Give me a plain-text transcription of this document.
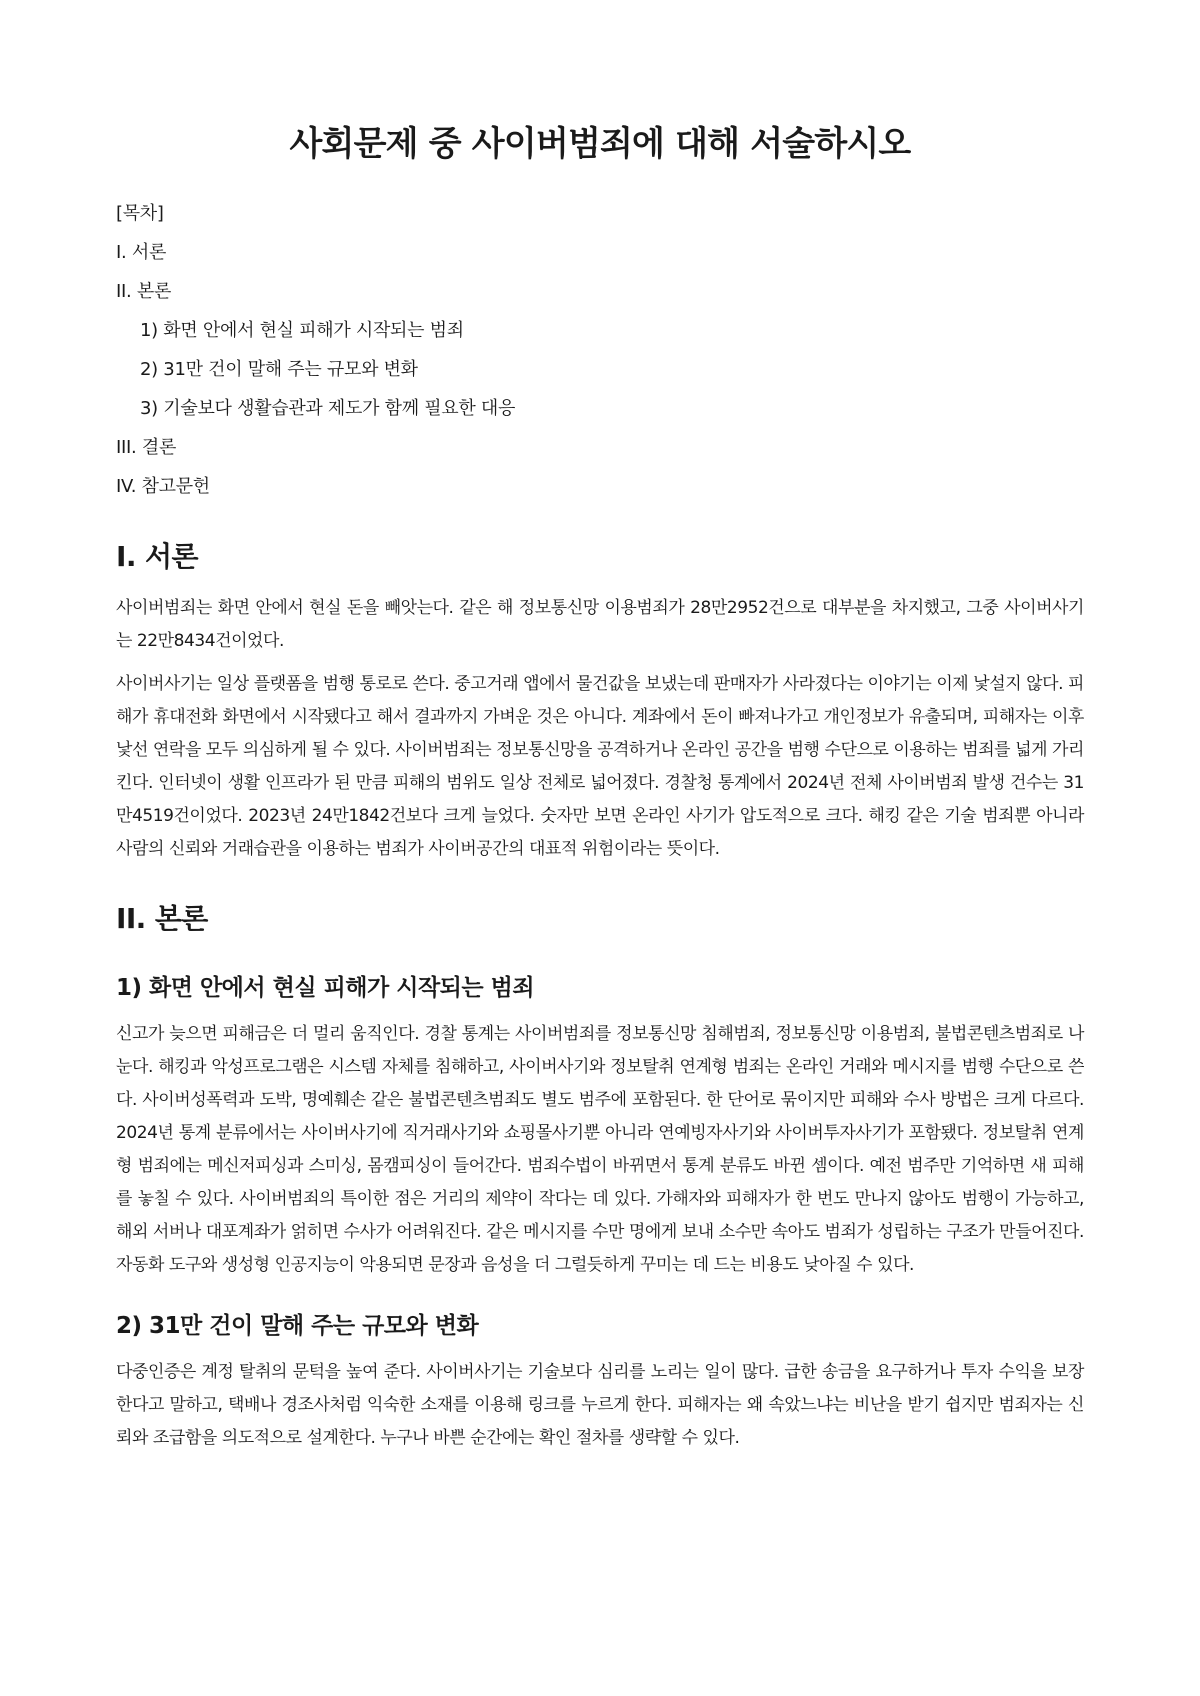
사회문제 중 사이버범죄에 대해 서술하시오
[목차]
I. 서론
II. 본론
1) 화면 안에서 현실 피해가 시작되는 범죄
2) 31만 건이 말해 주는 규모와 변화
3) 기술보다 생활습관과 제도가 함께 필요한 대응
III. 결론
IV. 참고문헌
I. 서론

사이버범죄는 화면 안에서 현실 돈을 빼앗는다. 같은 해 정보통신망 이용범죄가 28만2952건으로 대부분을 차지했고, 그중 사이버사기는 22만8434건이었다.

사이버사기는 일상 플랫폼을 범행 통로로 쓴다. 중고거래 앱에서 물건값을 보냈는데 판매자가 사라졌다는 이야기는 이제 낯설지 않다. 피해가 휴대전화 화면에서 시작됐다고 해서 결과까지 가벼운 것은 아니다. 계좌에서 돈이 빠져나가고 개인정보가 유출되며, 피해자는 이후 낯선 연락을 모두 의심하게 될 수 있다. 사이버범죄는 정보통신망을 공격하거나 온라인 공간을 범행 수단으로 이용하는 범죄를 넓게 가리킨다. 인터넷이 생활 인프라가 된 만큼 피해의 범위도 일상 전체로 넓어졌다. 경찰청 통계에서 2024년 전체 사이버범죄 발생 건수는 31만4519건이었다. 2023년 24만1842건보다 크게 늘었다. 숫자만 보면 온라인 사기가 압도적으로 크다. 해킹 같은 기술 범죄뿐 아니라 사람의 신뢰와 거래습관을 이용하는 범죄가 사이버공간의 대표적 위험이라는 뜻이다.

II. 본론
1) 화면 안에서 현실 피해가 시작되는 범죄

신고가 늦으면 피해금은 더 멀리 움직인다. 경찰 통계는 사이버범죄를 정보통신망 침해범죄, 정보통신망 이용범죄, 불법콘텐츠범죄로 나눈다. 해킹과 악성프로그램은 시스템 자체를 침해하고, 사이버사기와 정보탈취 연계형 범죄는 온라인 거래와 메시지를 범행 수단으로 쓴다. 사이버성폭력과 도박, 명예훼손 같은 불법콘텐츠범죄도 별도 범주에 포함된다. 한 단어로 묶이지만 피해와 수사 방법은 크게 다르다. 2024년 통계 분류에서는 사이버사기에 직거래사기와 쇼핑몰사기뿐 아니라 연예빙자사기와 사이버투자사기가 포함됐다. 정보탈취 연계형 범죄에는 메신저피싱과 스미싱, 몸캠피싱이 들어간다. 범죄수법이 바뀌면서 통계 분류도 바뀐 셈이다. 예전 범주만 기억하면 새 피해를 놓칠 수 있다. 사이버범죄의 특이한 점은 거리의 제약이 작다는 데 있다. 가해자와 피해자가 한 번도 만나지 않아도 범행이 가능하고, 해외 서버나 대포계좌가 얽히면 수사가 어려워진다. 같은 메시지를 수만 명에게 보내 소수만 속아도 범죄가 성립하는 구조가 만들어진다. 자동화 도구와 생성형 인공지능이 악용되면 문장과 음성을 더 그럴듯하게 꾸미는 데 드는 비용도 낮아질 수 있다.

2) 31만 건이 말해 주는 규모와 변화

다중인증은 계정 탈취의 문턱을 높여 준다. 사이버사기는 기술보다 심리를 노리는 일이 많다. 급한 송금을 요구하거나 투자 수익을 보장한다고 말하고, 택배나 경조사처럼 익숙한 소재를 이용해 링크를 누르게 한다. 피해자는 왜 속았느냐는 비난을 받기 쉽지만 범죄자는 신뢰와 조급함을 의도적으로 설계한다. 누구나 바쁜 순간에는 확인 절차를 생략할 수 있다.
